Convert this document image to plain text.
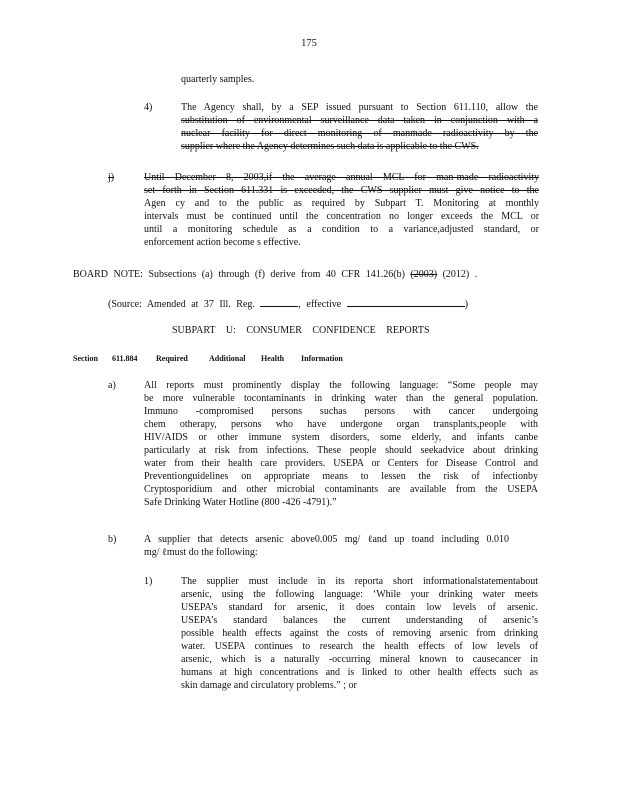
175
quarterly samples.
4)	The Agency shall, by a SEP issued pursuant to Section 611.110, allow the
substitution of environmental surveillance data taken in conjunction with a
nuclear facility for direct monitoring of manmade radioactivity by the
supplier where the Agency determines such data is applicable to the CWS.
j)	Until December 8, 2003,if the average annual MCL for man-made radioactivity
set forth in Section 611.331 is exceeded, the CWS supplier must give notice to the
Agen cy and to the public as required by Subpart T. Monitoring at monthly
intervals must be continued until the concentration no longer exceeds the MCL or
until a monitoring schedule as a condition to a variance,adjusted standard, or
enforcement action become s effective.
BOARD NOTE: Subsections (a) through (f) derive from 40 CFR 141.26(b) (2003) (2012) .
(Source: Amended at 37 Ill. Reg.	, effective	)
SUBPART U: CONSUMER CONFIDENCE REPORTS
Section 611.884 Required	Additional Health Information
a)	All reports must prominently display the following language: “Some people may
be more vulnerable tocontaminants in drinking water than the general population.
Immuno -compromised persons suchas persons with cancer undergoing
chem otherapy, persons who have undergone organ transplants,people with
HIV/AIDS or other immune system disorders, some elderly, and infants canbe
particularly at risk from infections. These people should seekadvice about drinking
water from their health care providers. USEPA or Centers for Disease Control and
Preventionguidelines on appropriate means to lessen the risk of infectionby
Cryptosporidium and other microbial contaminants are available from the USEPA
Safe Drinking Water Hotline (800 -426 -4791).”
b)	A supplier that detects arsenic above0.005 mg/ ℓand up toand including 0.010
mg/ ℓmust do the following:
1)	The supplier must include in its reporta short informationalstatementabout
arsenic, using the following language: ‘While your drinking water meets
USEPA’s standard for arsenic, it does contain low levels of arsenic.
USEPA’s standard balances the current understanding of arsenic’s
possible health effects against the costs of removing arsenic from drinking
water. USEPA continues to research the health effects of low levels of
arsenic, which is a naturally -occurring mineral known to causecancer in
humans at high concentrations and is linked to other health effects such as
skin damage and circulatory problems.” ; or
